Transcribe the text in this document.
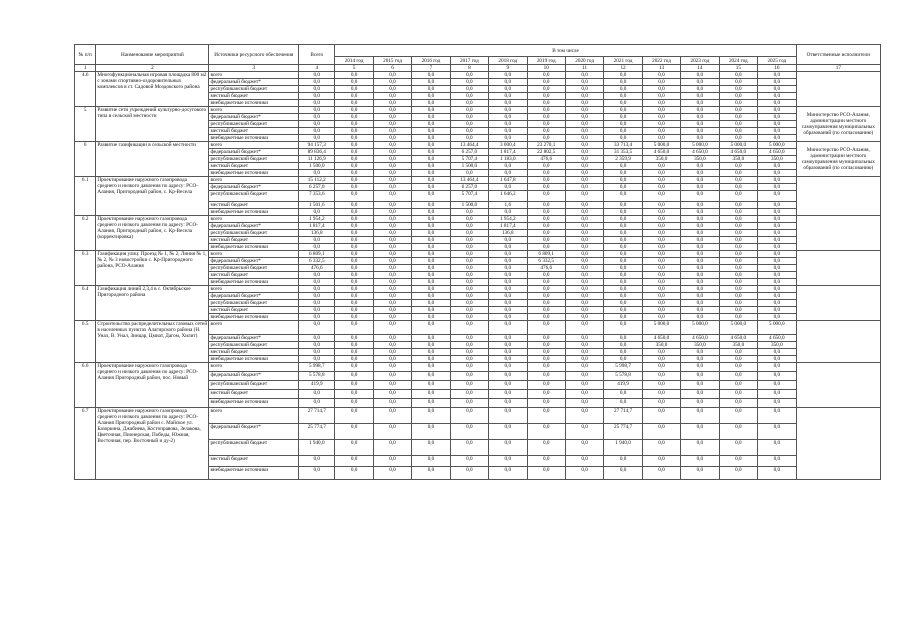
№ п/п	Наименование мероприятий	Источники ресурсного обеспечения	Всего	В том числе												Ответственные исполнители
				2014 год	2015 год	2016 год	2017 год	2018 год	2019 год	2020 год	2021 год	2022 год	2023 год	2024 год	2025 год	
1	2	3	4	5	6	7	8	9	10	11	12	13	14	15	16	17
4.6	Многофункциональная игровая площадка 800 м2 с зонами спортивно-оздоровительных комплексов в ст. Садовой Моздокского района	всего	0,0	0,0	0,0	0,0	0,0	0,0	0,0	0,0	0,0	0,0	0,0	0,0	0,0	
		федеральный бюджет*	0,0	0,0	0,0	0,0	0,0	0,0	0,0	0,0	0,0	0,0	0,0	0,0	0,0	
		республиканский бюджет	0,0	0,0	0,0	0,0	0,0	0,0	0,0	0,0	0,0	0,0	0,0	0,0	0,0	
		местный бюджет	0,0	0,0	0,0	0,0	0,0	0,0	0,0	0,0	0,0	0,0	0,0	0,0	0,0	
		внебюджетные источники	0,0	0,0	0,0	0,0	0,0	0,0	0,0	0,0	0,0	0,0	0,0	0,0	0,0	
5	Развитие сети учреждений культурно-досугового типа в сельской местности	всего	0,0	0,0	0,0	0,0	0,0	0,0	0,0	0,0	0,0	0,0	0,0	0,0	0,0	Министерство РСО-Алания, администрации местного самоуправления муниципальных образований (по согласованию)
		федеральный бюджет*	0,0	0,0	0,0	0,0	0,0	0,0	0,0	0,0	0,0	0,0	0,0	0,0	0,0	
		республиканский бюджет	0,0	0,0	0,0	0,0	0,0	0,0	0,0	0,0	0,0	0,0	0,0	0,0	0,0	
		местный бюджет	0,0	0,0	0,0	0,0	0,0	0,0	0,0	0,0	0,0	0,0	0,0	0,0	0,0	
		внебюджетные источники	0,0	0,0	0,0	0,0	0,0	0,0	0,0	0,0	0,0	0,0	0,0	0,0	0,0	
6	Развитие газификации в сельской местности	всего	94 157,3	0,0	0,0	0,0	13 464,4	3 000,4	23 270,1	0,0	33 713,4	5 000,0	5 000,0	5 000,0	5 000,0	Министерство РСО-Алания, администрации местного самоуправления муниципальных образований (по согласованию)
		федеральный бюджет*	89 836,4	0,0	0,0	0,0	6 257,0	1 817,4	22 802,5	0,0	31 353,5	4 650,0	4 650,0	4 650,0	4 650,0	
		республиканский бюджет	11 126,9	0,0	0,0	0,0	5 707,4	1 183,0	476,6	0,0	2 359,9	350,0	350,0	350,0	350,0	
		местный бюджет	1 500,0	0,0	0,0	0,0	1 500,0	0,0	0,0	0,0	0,0	0,0	0,0	0,0	0,0	
		внебюджетные источники	0,0	0,0	0,0	0,0	0,0	0,0	0,0	0,0	0,0	0,0	0,0	0,0	0,0	
6.1	Проектирование наружного газопровода среднего и низкого давления по адресу: РСО-Алания, Пригородный район, с. Кр-Весела	всего	15 112,2	0,0	0,0	0,0	13 464,4	1 647,8	0,0	0,0	0,0	0,0	0,0	0,0	0,0	
		федеральный бюджет*	6 257,0	0,0	0,0	0,0	6 257,0	0,0	0,0	0,0	0,0	0,0	0,0	0,0	0,0	
		республиканский бюджет	7 353,6	0,0	0,0	0,0	5 707,4	1 646,2	0,0	0,0	0,0	0,0	0,0	0,0	0,0	
		местный бюджет	1 501,6	0,0	0,0	0,0	1 500,0	1,6	0,0	0,0	0,0	0,0	0,0	0,0	0,0	
		внебюджетные источники	0,0	0,0	0,0	0,0	0,0	0,0	0,0	0,0	0,0	0,0	0,0	0,0	0,0	
6.2	Проектирование наружного газопровода среднего и низкого давления по адресу: РСО-Алания, Пригородный район, с. Кр-Весела (корректировка)	всего	1 954,2	0,0	0,0	0,0	0,0	1 954,2	0,0	0,0	0,0	0,0	0,0	0,0	0,0	
		федеральный бюджет*	1 817,4	0,0	0,0	0,0	0,0	1 817,4	0,0	0,0	0,0	0,0	0,0	0,0	0,0	
		республиканский бюджет	136,8	0,0	0,0	0,0	0,0	136,8	0,0	0,0	0,0	0,0	0,0	0,0	0,0	
		местный бюджет	0,0	0,0	0,0	0,0	0,0	0,0	0,0	0,0	0,0	0,0	0,0	0,0	0,0	
		внебюджетные источники	0,0	0,0	0,0	0,0	0,0	0,0	0,0	0,0	0,0	0,0	0,0	0,0	0,0	
6.3	Газификация улиц: Проезд № 1, № 2, Линия № 1, № 2, № 3 новостройки с. Кр-Пригородного района, РСО-Алания	всего	6 809,1	0,0	0,0	0,0	0,0	0,0	6 809,1	0,0	0,0	0,0	0,0	0,0	0,0	
		федеральный бюджет*	6 332,5	0,0	0,0	0,0	0,0	0,0	6 332,5	0,0	0,0	0,0	0,0	0,0	0,0	
		республиканский бюджет	476,6	0,0	0,0	0,0	0,0	0,0	476,6	0,0	0,0	0,0	0,0	0,0	0,0	
		местный бюджет	0,0	0,0	0,0	0,0	0,0	0,0	0,0	0,0	0,0	0,0	0,0	0,0	0,0	
		внебюджетные источники	0,0	0,0	0,0	0,0	0,0	0,0	0,0	0,0	0,0	0,0	0,0	0,0	0,0	
6.4	Газификация линий 2,3,4 в с. Октябрьское Пригородного района	всего	0,0	0,0	0,0	0,0	0,0	0,0	0,0	0,0	0,0	0,0	0,0	0,0	0,0	
		федеральный бюджет*	0,0	0,0	0,0	0,0	0,0	0,0	0,0	0,0	0,0	0,0	0,0	0,0	0,0	
		республиканский бюджет	0,0	0,0	0,0	0,0	0,0	0,0	0,0	0,0	0,0	0,0	0,0	0,0	0,0	
		местный бюджет	0,0	0,0	0,0	0,0	0,0	0,0	0,0	0,0	0,0	0,0	0,0	0,0	0,0	
		внебюджетные источники	0,0	0,0	0,0	0,0	0,0	0,0	0,0	0,0	0,0	0,0	0,0	0,0	0,0	
6.5	Строительство распределительных газовых сетей в населенных пунктах Алагирского района (Н. Унал, В. Унал, Зинцар, Цмиат, Дагом, Хилит)	всего	0,0	0,0	0,0	0,0	0,0	0,0	0,0	0,0	0,0	5 000,0	5 000,0	5 000,0	5 000,0	
		федеральный бюджет*	0,0	0,0	0,0	0,0	0,0	0,0	0,0	0,0	0,0	4 650,0	4 650,0	4 650,0	4 650,0	
		республиканский бюджет	0,0	0,0	0,0	0,0	0,0	0,0	0,0	0,0	0,0	350,0	350,0	350,0	350,0	
		местный бюджет	0,0	0,0	0,0	0,0	0,0	0,0	0,0	0,0	0,0	0,0	0,0	0,0	0,0	
		внебюджетные источники	0,0	0,0	0,0	0,0	0,0	0,0	0,0	0,0	0,0	0,0	0,0	0,0	0,0	
6.6	Проектирование наружного газопровода среднего и низкого давления по адресу: РСО-Алания Пригородный район, пос. Новый	всего	5 998,7	0,0	0,0	0,0	0,0	0,0	0,0	0,0	5 998,7	0,0	0,0	0,0	0,0	
		федеральный бюджет*	5 578,8	0,0	0,0	0,0	0,0	0,0	0,0	0,0	5 578,8	0,0	0,0	0,0	0,0	
		республиканский бюджет	419,9	0,0	0,0	0,0	0,0	0,0	0,0	0,0	419,9	0,0	0,0	0,0	0,0	
		местный бюджет	0,0	0,0	0,0	0,0	0,0	0,0	0,0	0,0	0,0	0,0	0,0	0,0	0,0	
		внебюджетные источники	0,0	0,0	0,0	0,0	0,0	0,0	0,0	0,0	0,0	0,0	0,0	0,0	0,0	
6.7	Проектирование наружного газопровода среднего и низкого давления по адресу: РСО-Алания Пригородный район с. Майское ул. Базоркина, Джабиева, Костоправова, Зелакова, Цветочная, Пионерская, Победы, Южная, Восточная, пер. Восточный и ду-2)	всего	27 714,7	0,0	0,0	0,0	0,0	0,0	0,0	0,0	27 714,7	0,0	0,0	0,0	0,0	
		федеральный бюджет*	25 774,7	0,0	0,0	0,0	0,0	0,0	0,0	0,0	25 774,7	0,0	0,0	0,0	0,0	
		республиканский бюджет	1 940,0	0,0	0,0	0,0	0,0	0,0	0,0	0,0	1 940,0	0,0	0,0	0,0	0,0	
		местный бюджет	0,0	0,0	0,0	0,0	0,0	0,0	0,0	0,0	0,0	0,0	0,0	0,0	0,0	
		внебюджетные источники	0,0	0,0	0,0	0,0	0,0	0,0	0,0	0,0	0,0	0,0	0,0	0,0	0,0	
